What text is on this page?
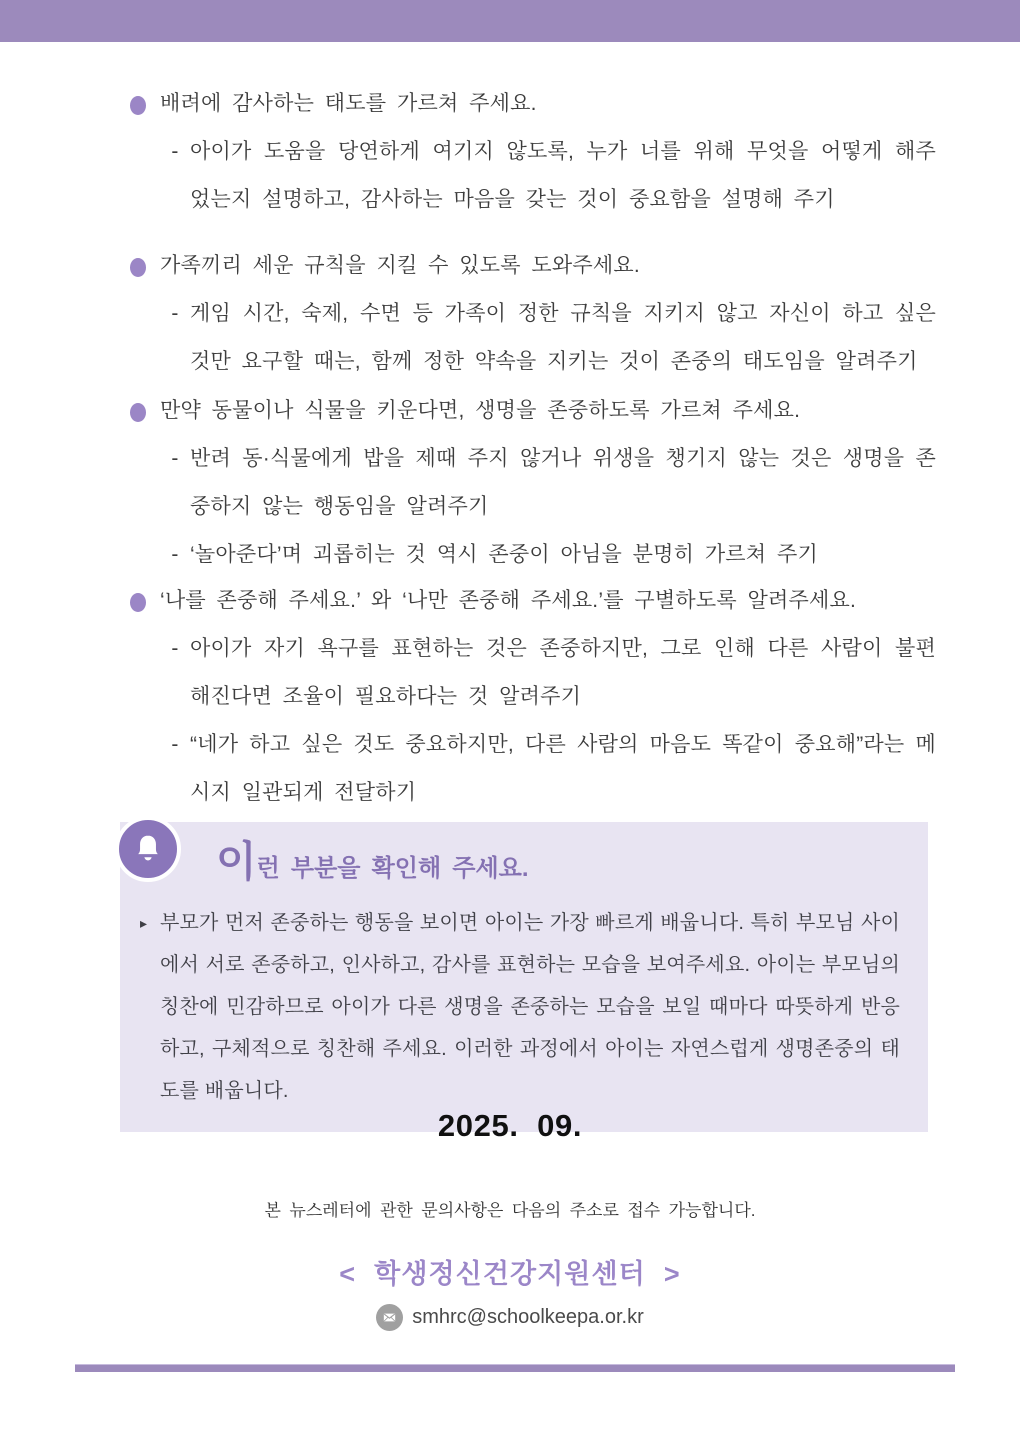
배려에 감사하는 태도를 가르쳐 주세요.
- 아이가 도움을 당연하게 여기지 않도록, 누가 너를 위해 무엇을 어떻게 해주었는지 설명하고, 감사하는 마음을 갖는 것이 중요함을 설명해 주기
가족끼리 세운 규칙을 지킬 수 있도록 도와주세요.
- 게임 시간, 숙제, 수면 등 가족이 정한 규칙을 지키지 않고 자신이 하고 싶은 것만 요구할 때는, 함께 정한 약속을 지키는 것이 존중의 태도임을 알려주기
만약 동물이나 식물을 키운다면, 생명을 존중하도록 가르쳐 주세요.
- 반려 동·식물에게 밥을 제때 주지 않거나 위생을 챙기지 않는 것은 생명을 존중하지 않는 행동임을 알려주기
- ‘놀아준다’며 괴롭히는 것 역시 존중이 아님을 분명히 가르쳐 주기
‘나를 존중해 주세요.’ 와 ‘나만 존중해 주세요.’를 구별하도록 알려주세요.
- 아이가 자기 욕구를 표현하는 것은 존중하지만, 그로 인해 다른 사람이 불편해진다면 조율이 필요하다는 것 알려주기
- “네가 하고 싶은 것도 중요하지만, 다른 사람의 마음도 똑같이 중요해”라는 메시지 일관되게 전달하기
이 런 부분을 확인해 주세요.
▸ 부모가 먼저 존중하는 행동을 보이면 아이는 가장 빠르게 배웁니다. 특히 부모님 사이에서 서로 존중하고, 인사하고, 감사를 표현하는 모습을 보여주세요. 아이는 부모님의 칭찬에 민감하므로 아이가 다른 생명을 존중하는 모습을 보일 때마다 따뜻하게 반응하고, 구체적으로 칭찬해 주세요. 이러한 과정에서 아이는 자연스럽게 생명존중의 태도를 배웁니다.
2025. 09.
본 뉴스레터에 관한 문의사항은 다음의 주소로 접수 가능합니다.
< 학생정신건강지원센터 >
smhrc@schoolkeepa.or.kr
